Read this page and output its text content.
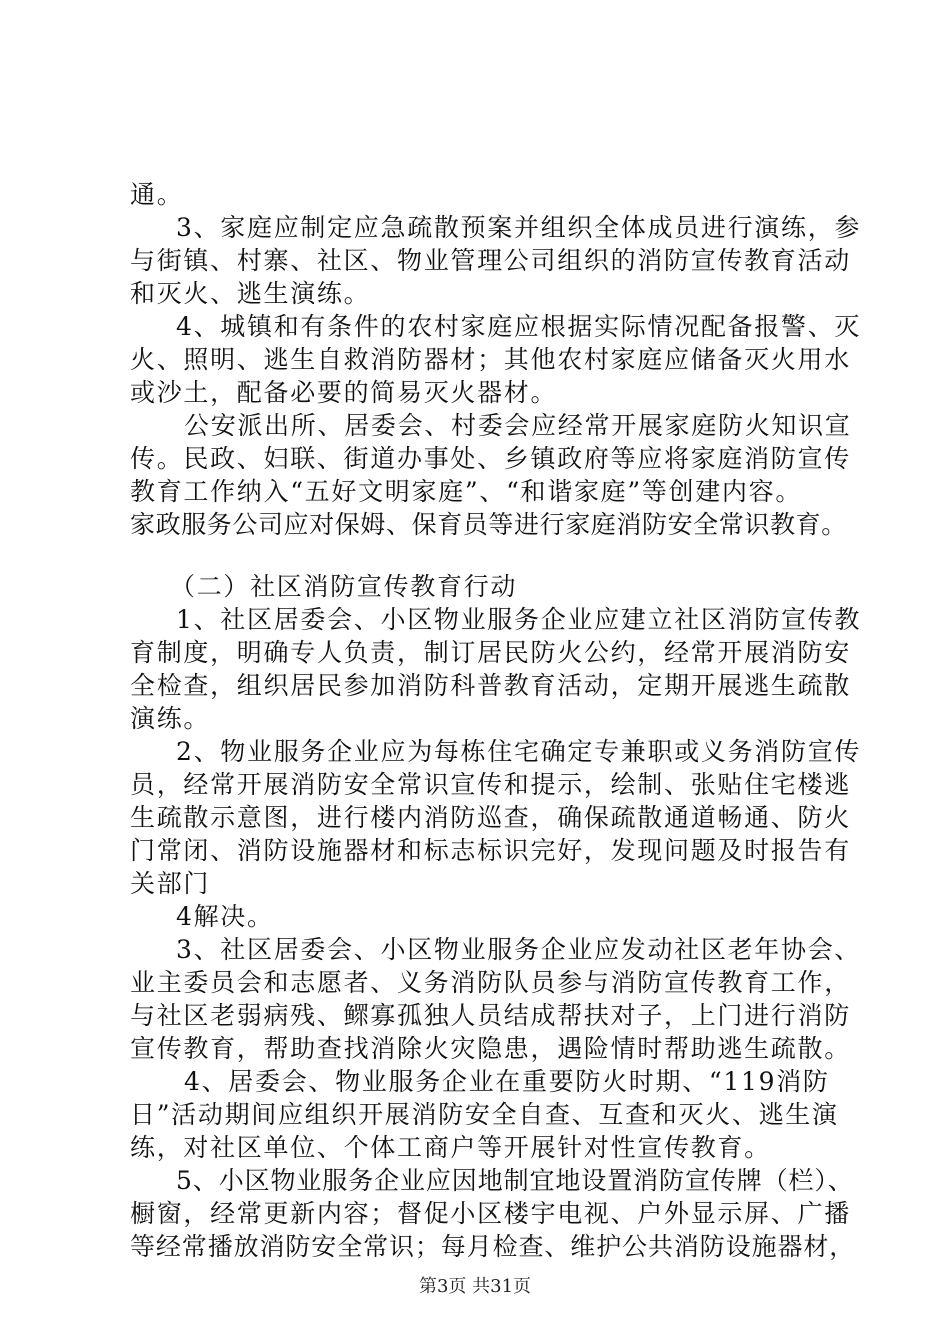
通。
3、家庭应制定应急疏散预案并组织全体成员进行演练，参
与街镇、村寨、社区、物业管理公司组织的消防宣传教育活动
和灭火、逃生演练。
4、城镇和有条件的农村家庭应根据实际情况配备报警、灭
火、照明、逃生自救消防器材；其他农村家庭应储备灭火用水
或沙土，配备必要的简易灭火器材。
公安派出所、居委会、村委会应经常开展家庭防火知识宣
传。民政、妇联、街道办事处、乡镇政府等应将家庭消防宣传
教育工作纳入“五好文明家庭”、“和谐家庭”等创建内容。
家政服务公司应对保姆、保育员等进行家庭消防安全常识教育。
（二）社区消防宣传教育行动
1、社区居委会、小区物业服务企业应建立社区消防宣传教
育制度，明确专人负责，制订居民防火公约，经常开展消防安
全检查，组织居民参加消防科普教育活动，定期开展逃生疏散
演练。
2、物业服务企业应为每栋住宅确定专兼职或义务消防宣传
员，经常开展消防安全常识宣传和提示，绘制、张贴住宅楼逃
生疏散示意图，进行楼内消防巡查，确保疏散通道畅通、防火
门常闭、消防设施器材和标志标识完好，发现问题及时报告有
关部门
4解决。
3、社区居委会、小区物业服务企业应发动社区老年协会、
业主委员会和志愿者、义务消防队员参与消防宣传教育工作，
与社区老弱病残、鳏寡孤独人员结成帮扶对子，上门进行消防
宣传教育，帮助查找消除火灾隐患，遇险情时帮助逃生疏散。
4、居委会、物业服务企业在重要防火时期、“119消防
日”活动期间应组织开展消防安全自查、互查和灭火、逃生演
练，对社区单位、个体工商户等开展针对性宣传教育。
5、小区物业服务企业应因地制宜地设置消防宣传牌（栏）、
橱窗，经常更新内容；督促小区楼宇电视、户外显示屏、广播
等经常播放消防安全常识；每月检查、维护公共消防设施器材，
第3页 共31页
